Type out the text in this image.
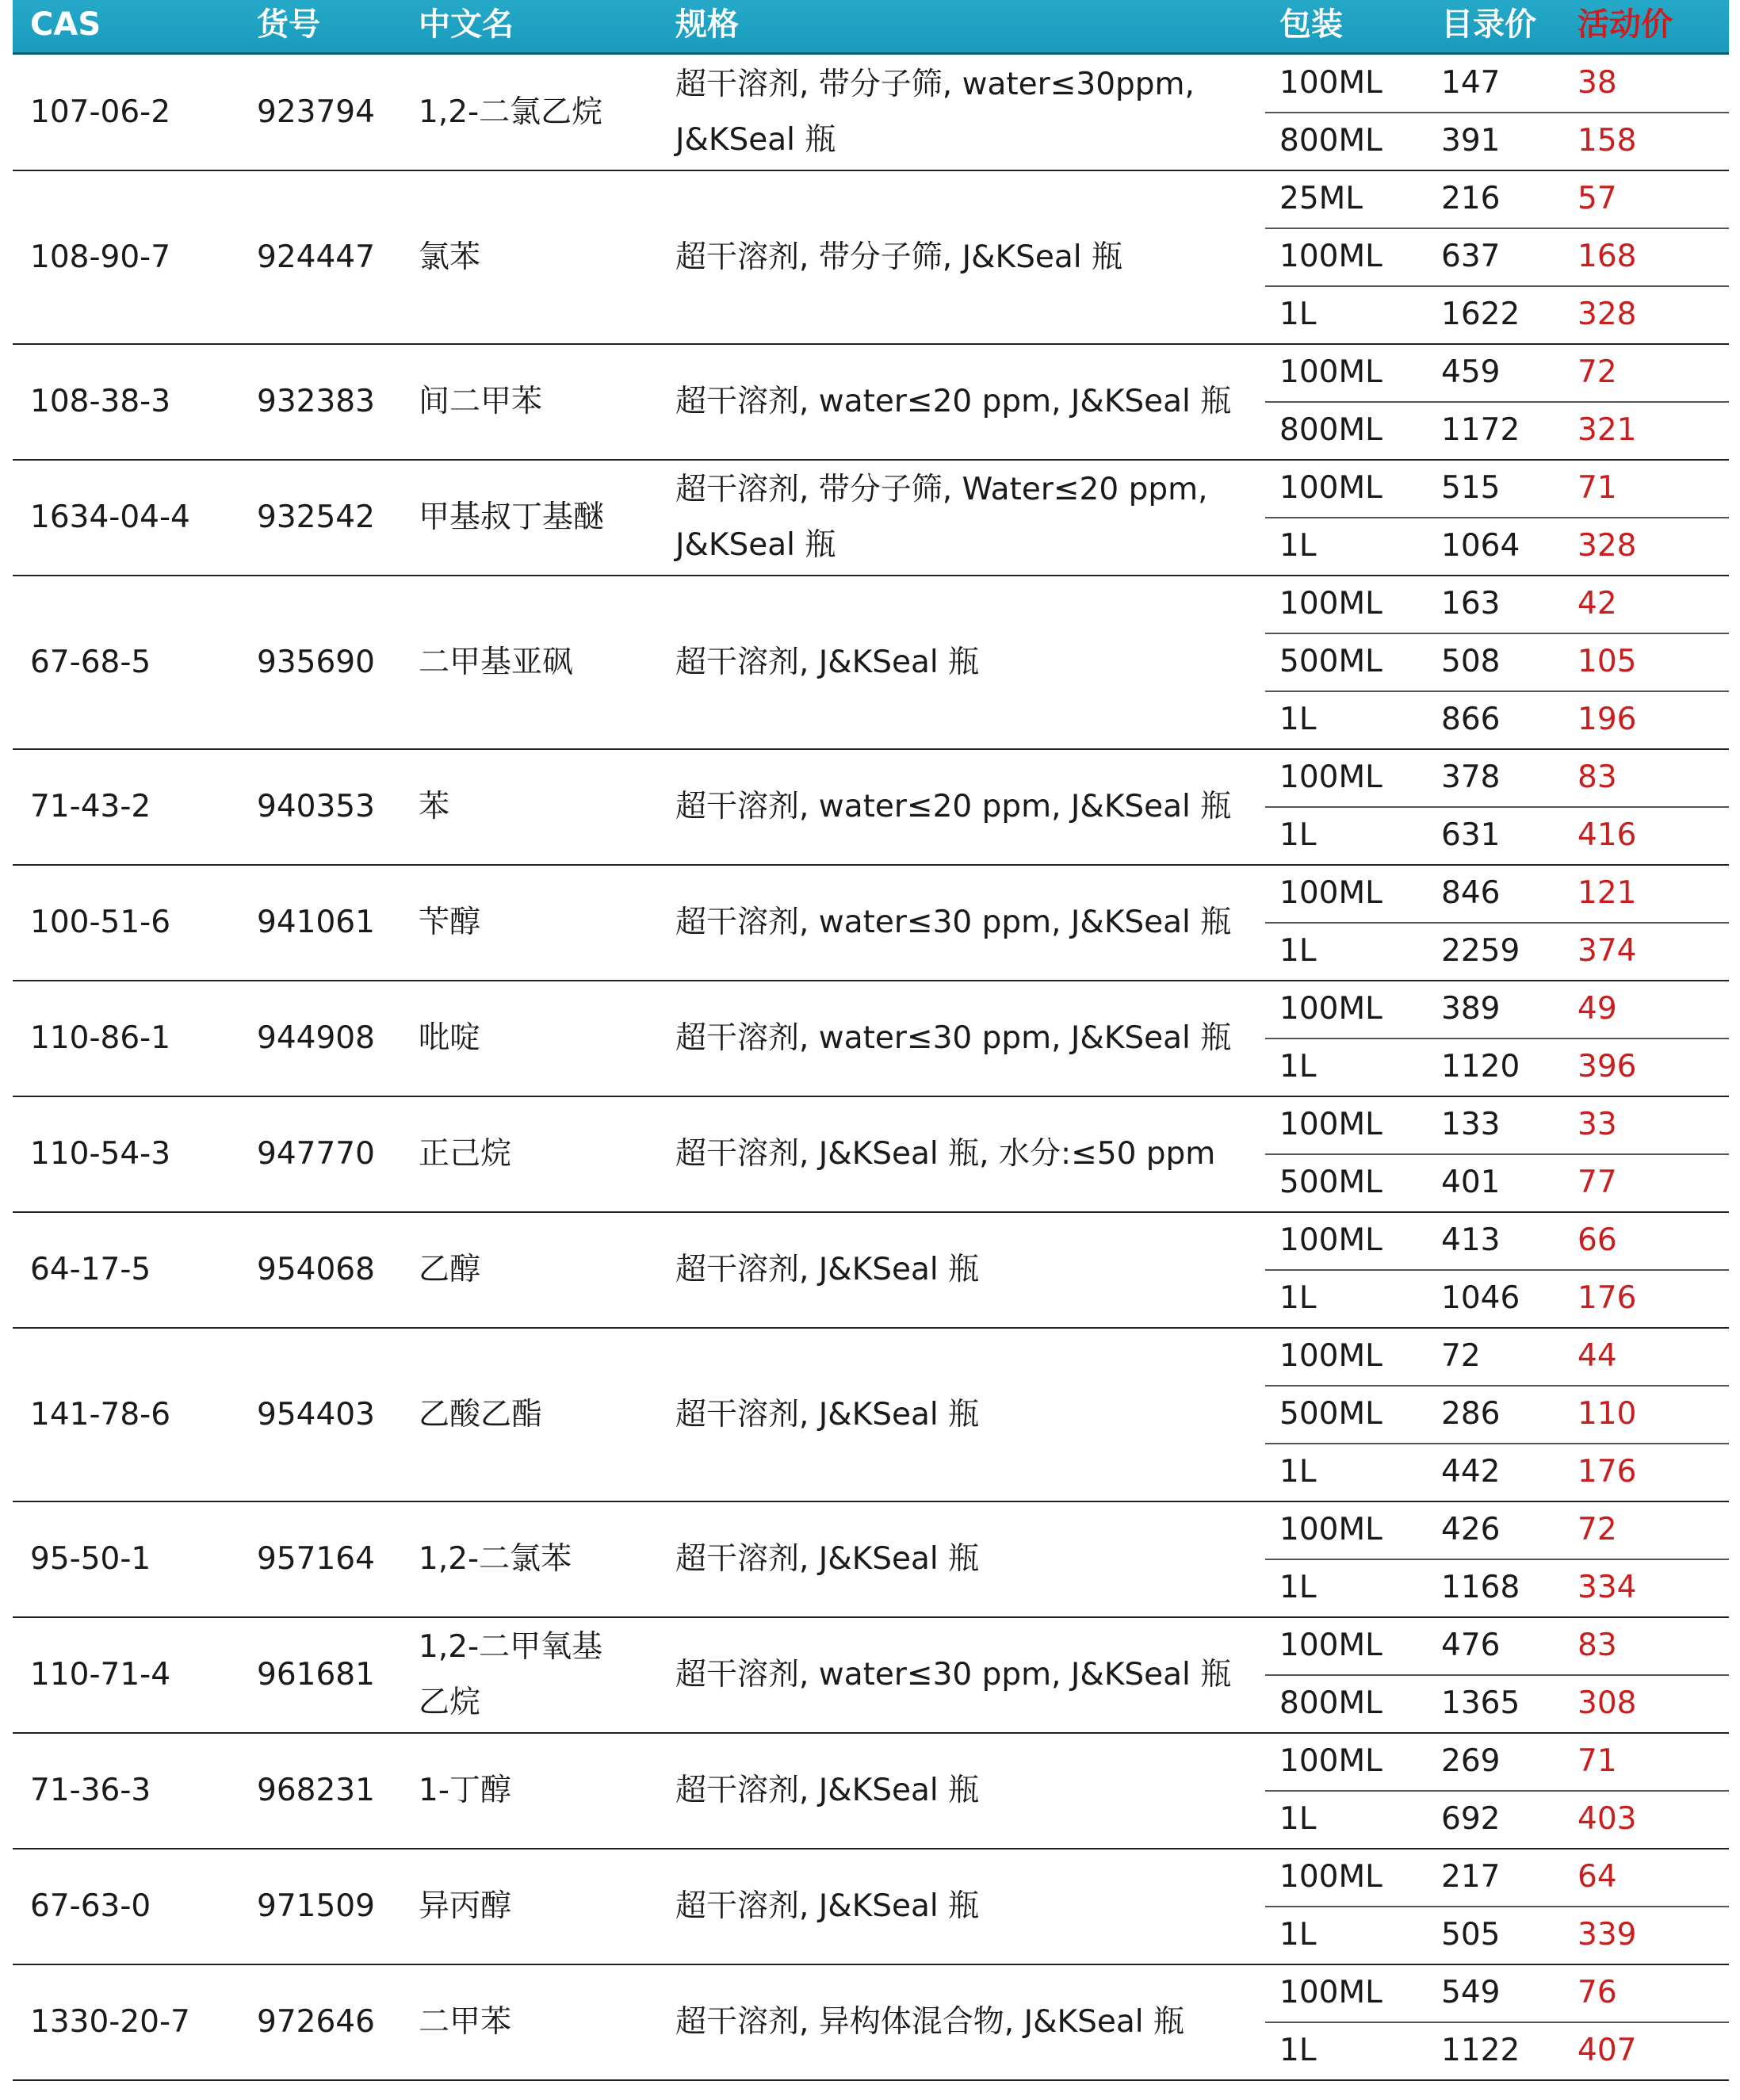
CAS	货号	中文名	规格	包装	目录价 活动价
107-06-2	923794 1,2-二氯乙烷
超干溶剂, 带分子筛, water≤30ppm,
J&KSeal 瓶
100ML 147	38
800ML 391	158
108-90-7	924447 氯苯	超干溶剂, 带分子筛, J&KSeal 瓶
25ML	216	57
100ML 637	168
1L	1622 328
108-38-3	932383 间二甲苯	超干溶剂, water≤20 ppm, J&KSeal 瓶
100ML 459	72
800ML 1172 321
1634-04-4 932542 甲基叔丁基醚
超干溶剂, 带分子筛, Water≤20 ppm,
J&KSeal 瓶
100ML 515	71
1L	1064 328
67-68-5	935690 二甲基亚砜	超干溶剂, J&KSeal 瓶
100ML 163	42
500ML 508	105
1L	866	196
71-43-2	940353 苯	超干溶剂, water≤20 ppm, J&KSeal 瓶
100ML 378	83
1L	631	416
100-51-6	941061 苄醇	超干溶剂, water≤30 ppm, J&KSeal 瓶
100ML 846	121
1L	2259 374
110-86-1	944908 吡啶	超干溶剂, water≤30 ppm, J&KSeal 瓶
100ML 389	49
1L	1120 396
110-54-3	947770 正己烷	超干溶剂, J&KSeal 瓶, 水分:≤50 ppm
100ML 133	33
500ML 401	77
64-17-5	954068 乙醇	超干溶剂, J&KSeal 瓶
100ML 413	66
1L	1046 176
141-78-6	954403 乙酸乙酯	超干溶剂, J&KSeal 瓶
100ML 72	44
500ML 286	110
1L	442	176
95-50-1	957164 1,2-二氯苯	超干溶剂, J&KSeal 瓶
100ML 426	72
1L	1168 334
110-71-4	961681
1,2-二甲氧基
乙烷
超干溶剂, water≤30 ppm, J&KSeal 瓶
100ML 476	83
800ML 1365 308
71-36-3	968231 1-丁醇	超干溶剂, J&KSeal 瓶
100ML 269	71
1L	692	403
67-63-0	971509 异丙醇	超干溶剂, J&KSeal 瓶
100ML 217	64
1L	505	339
1330-20-7 972646 二甲苯	超干溶剂, 异构体混合物, J&KSeal 瓶
100ML 549	76
1L	1122 407
